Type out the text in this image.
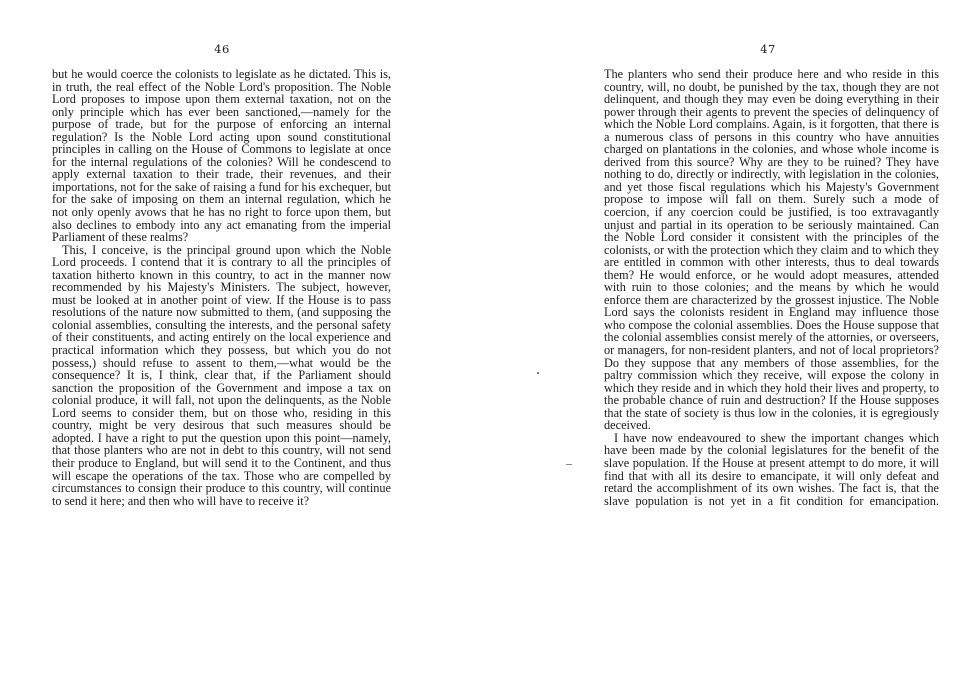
46

but he would coerce the colonists to legislate as he dictated. This is, in truth, the real effect of the Noble Lord's proposition. The Noble Lord proposes to impose upon them external taxation, not on the only principle which has ever been sanctioned,—namely for the purpose of trade, but for the purpose of enforcing an internal regulation? Is the Noble Lord acting upon sound constitutional principles in calling on the House of Commons to legislate at once for the internal regulations of the colonies? Will he condescend to apply external taxation to their trade, their revenues, and their importations, not for the sake of raising a fund for his exchequer, but for the sake of imposing on them an internal regulation, which he not only openly avows that he has no right to force upon them, but also declines to embody into any act emanating from the imperial Parliament of these realms?

This, I conceive, is the principal ground upon which the Noble Lord proceeds. I contend that it is contrary to all the principles of taxation hitherto known in this country, to act in the manner now recommended by his Majesty's Ministers. The subject, however, must be looked at in another point of view. If the House is to pass resolutions of the nature now submitted to them, (and supposing the colonial assemblies, consulting the interests, and the personal safety of their constituents, and acting entirely on the local experience and practical information which they possess, but which you do not possess,) should refuse to assent to them,—what would be the consequence? It is, I think, clear that, if the Parliament should sanction the proposition of the Government and impose a tax on colonial produce, it will fall, not upon the delinquents, as the Noble Lord seems to consider them, but on those who, residing in this country, might be very desirous that such measures should be adopted. I have a right to put the question upon this point—namely, that those planters who are not in debt to this country, will not send their produce to England, but will send it to the Continent, and thus will escape the operations of the tax. Those who are compelled by circumstances to consign their produce to this country, will continue to send it here; and then who will have to receive it?

47

The planters who send their produce here and who reside in this country, will, no doubt, be punished by the tax, though they are not delinquent, and though they may even be doing everything in their power through their agents to prevent the species of delinquency of which the Noble Lord complains. Again, is it forgotten, that there is a numerous class of persons in this country who have annuities charged on plantations in the colonies, and whose whole income is derived from this source? Why are they to be ruined? They have nothing to do, directly or indirectly, with legislation in the colonies, and yet those fiscal regulations which his Majesty's Government propose to impose will fall on them. Surely such a mode of coercion, if any coercion could be justified, is too extravagantly unjust and partial in its operation to be seriously maintained. Can the Noble Lord consider it consistent with the principles of the colonists, or with the protection which they claim and to which they are entitled in common with other interests, thus to deal towards them? He would enforce, or he would adopt measures, attended with ruin to those colonies; and the means by which he would enforce them are characterized by the grossest injustice. The Noble Lord says the colonists resident in England may influence those who compose the colonial assemblies. Does the House suppose that the colonial assemblies consist merely of the attornies, or overseers, or managers, for non-resident planters, and not of local proprietors? Do they suppose that any members of those assemblies, for the paltry commission which they receive, will expose the colony in which they reside and in which they hold their lives and property, to the probable chance of ruin and destruction? If the House supposes that the state of society is thus low in the colonies, it is egregiously deceived.

I have now endeavoured to shew the important changes which have been made by the colonial legislatures for the benefit of the slave population. If the House at present attempt to do more, it will find that with all its desire to emancipate, it will only defeat and retard the accomplishment of its own wishes. The fact is, that the slave population is not yet in a fit condition for emancipation.
